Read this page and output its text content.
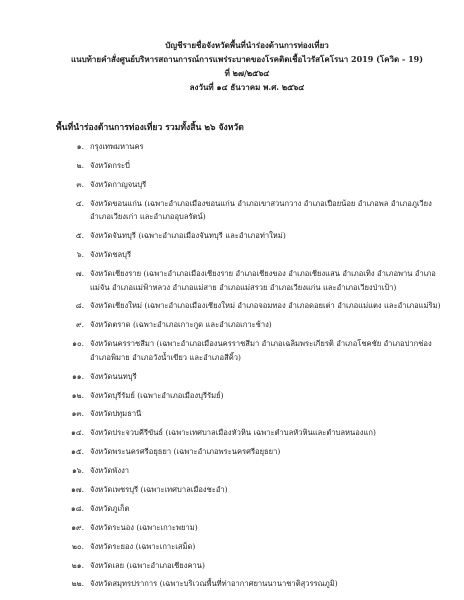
บัญชีรายชื่อจังหวัดพื้นที่นำร่องด้านการท่องเที่ยว
แนบท้ายคำสั่งศูนย์บริหารสถานการณ์การแพร่ระบาดของโรคติดเชื้อไวรัสโคโรนา 2019 (โควิด - 19)
ที่ ๒๗/๒๕๖๔
ลงวันที่ ๑๔ ธันวาคม พ.ศ. ๒๕๖๔
พื้นที่นำร่องด้านการท่องเที่ยว รวมทั้งสิ้น ๒๖ จังหวัด
๑. กรุงเทพมหานคร
๒. จังหวัดกระบี่
๓. จังหวัดกาญจนบุรี
๔. จังหวัดขอนแก่น (เฉพาะอำเภอเมืองขอนแก่น อำเภอเขาสวนกวาง อำเภอเปือยน้อย อำเภอพล อำเภอภูเวียง อำเภอเวียงเก่า และอำเภออุบลรัตน์)
๕. จังหวัดจันทบุรี (เฉพาะอำเภอเมืองจันทบุรี และอำเภอท่าใหม่)
๖. จังหวัดชลบุรี
๗. จังหวัดเชียงราย (เฉพาะอำเภอเมืองเชียงราย อำเภอเชียงของ อำเภอเชียงแสน อำเภอเทิง อำเภอพาน อำเภอแม่จัน อำเภอแม่ฟ้าหลวง อำเภอแม่สาย อำเภอแม่สรวย อำเภอเวียงแก่น และอำเภอเวียงป่าเป้า)
๘. จังหวัดเชียงใหม่ (เฉพาะอำเภอเมืองเชียงใหม่ อำเภอจอมทอง อำเภอดอยเต่า อำเภอแม่แตง และอำเภอแม่ริม)
๙. จังหวัดตราด (เฉพาะอำเภอเกาะกูด และอำเภอเกาะช้าง)
๑๐. จังหวัดนครราชสีมา (เฉพาะอำเภอเมืองนครราชสีมา อำเภอเฉลิมพระเกียรติ อำเภอโชคชัย อำเภอปากช่อง อำเภอพิมาย อำเภอวังน้ำเขียว และอำเภอสีคิ้ว)
๑๑. จังหวัดนนทบุรี
๑๒. จังหวัดบุรีรัมย์ (เฉพาะอำเภอเมืองบุรีรัมย์)
๑๓. จังหวัดปทุมธานี
๑๔. จังหวัดประจวบคีรีขันธ์ (เฉพาะเทศบาลเมืองหัวหิน เฉพาะตำบลหัวหินและตำบลหนองแก)
๑๕. จังหวัดพระนครศรีอยุธยา (เฉพาะอำเภอพระนครศรีอยุธยา)
๑๖. จังหวัดพังงา
๑๗. จังหวัดเพชรบุรี (เฉพาะเทศบาลเมืองชะอำ)
๑๘. จังหวัดภูเก็ต
๑๙. จังหวัดระนอง (เฉพาะเกาะพยาม)
๒๐. จังหวัดระยอง (เฉพาะเกาะเสม็ด)
๒๑. จังหวัดเลย (เฉพาะอำเภอเชียงคาน)
๒๒. จังหวัดสมุทรปราการ (เฉพาะบริเวณพื้นที่ท่าอากาศยานนานาชาติสุวรรณภูมิ)
